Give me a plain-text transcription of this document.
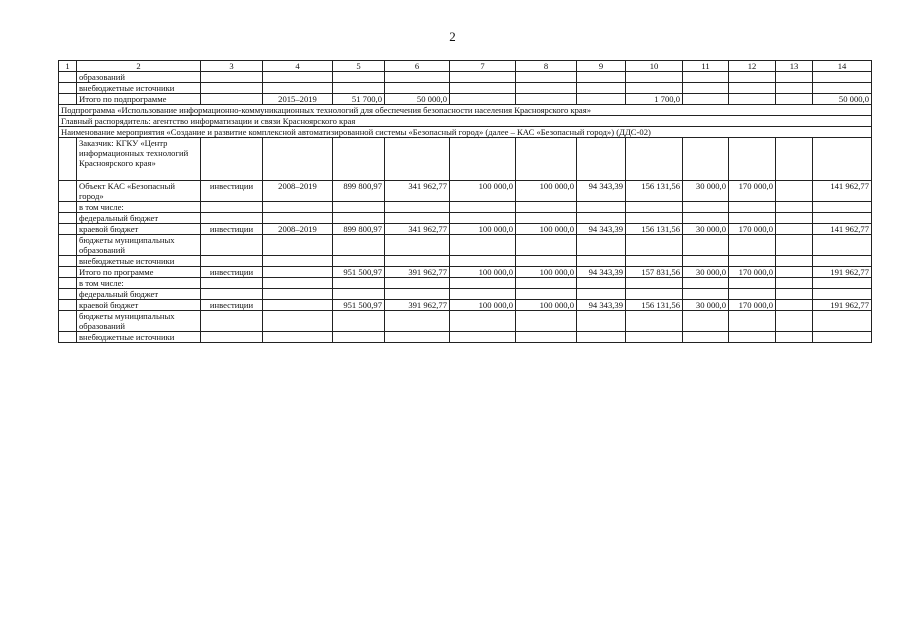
2
1	2	3	4	5	6	7	8	9	10	11	12	13	14
	образований												
	внебюджетные источники												
	Итого по подпрограмме		2015–2019	51 700,0	50 000,0				1 700,0				50 000,0
Подпрограмма «Использование информационно-коммуникационных технологий для обеспечения безопасности населения Красноярского края»													
Главный распорядитель: агентство информатизации и связи Красноярского края													
Наименование мероприятия «Создание и развитие комплексной автоматизированной системы «Безопасный город» (далее – КАС «Безопасный город») (ДДС-02)													
	Заказчик: КГКУ «Центр информационных технологий Красноярского края»												
	Объект КАС «Безопасный город»	инвестиции	2008–2019	899 800,97	341 962,77	100 000,0	100 000,0	94 343,39	156 131,56	30 000,0	170 000,0		141 962,77
	в том числе:												
	федеральный бюджет												
	краевой бюджет	инвестиции	2008–2019	899 800,97	341 962,77	100 000,0	100 000,0	94 343,39	156 131,56	30 000,0	170 000,0		141 962,77
	бюджеты муниципальных образований												
	внебюджетные источники												
	Итого по программе	инвестиции		951 500,97	391 962,77	100 000,0	100 000,0	94 343,39	157 831,56	30 000,0	170 000,0		191 962,77
	в том числе:												
	федеральный бюджет												
	краевой бюджет	инвестиции		951 500,97	391 962,77	100 000,0	100 000,0	94 343,39	156 131,56	30 000,0	170 000,0		191 962,77
	бюджеты муниципальных образований												
	внебюджетные источники												
